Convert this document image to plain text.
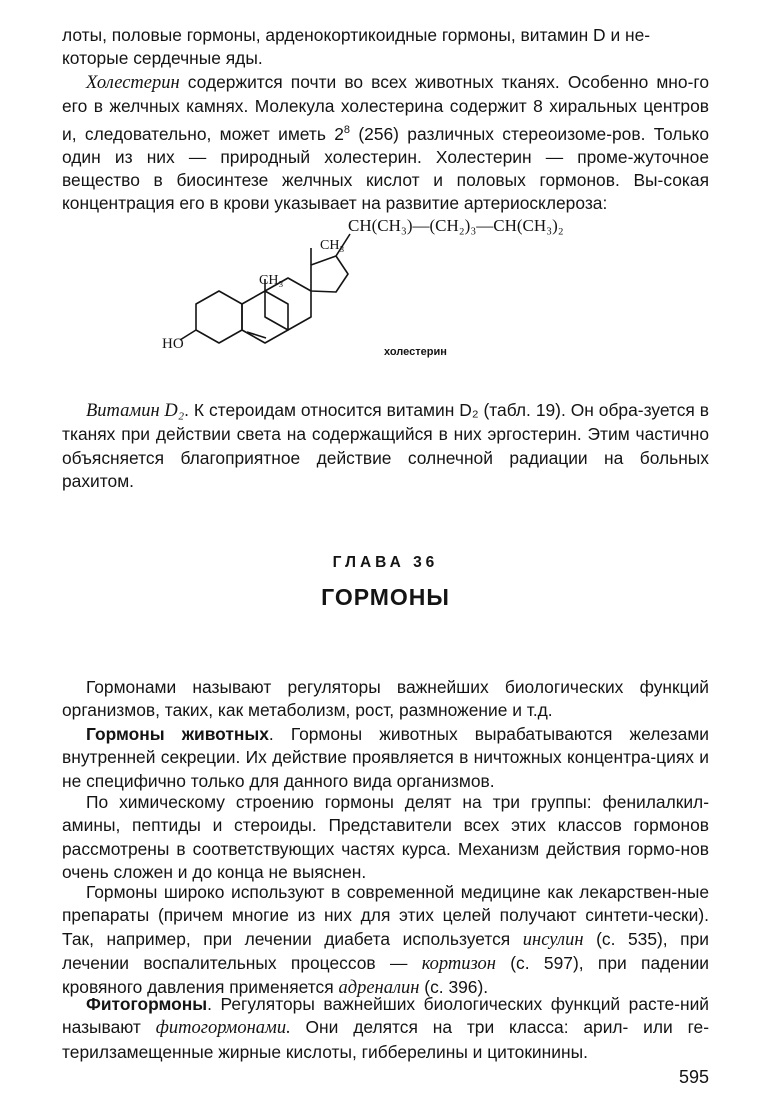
лоты, половые гормоны, арденокортикоидные гормоны, витамин D и не-
которые сердечные яды.

Холестерин содержится почти во всех животных тканях. Особенно мно-го его в желчных камнях. Молекула холестерина содержит 8 хиральных центров и, следовательно, может иметь $2^8$ (256) различных стереоизоме-ров. Только один из них — природный холестерин. Холестерин — проме-жуточное вещество в биосинтезе желчных кислот и половых гормонов. Вы-сокая концентрация его в крови указывает на развитие артериосклероза:

CH(CH₃)—(CH₂)₃—CH(CH₃)₂
CH₃
CH₃
HO	холестерин

Витамин D₂. К стероидам относится витамин D₂ (табл. 19). Он обра-зуется в тканях при действии света на содержащийся в них эргостерин. Этим частично объясняется благоприятное действие солнечной радиации на больных рахитом.

ГЛАВА 36
ГОРМОНЫ

Гормонами называют регуляторы важнейших биологических функций организмов, таких, как метаболизм, рост, размножение и т.д.

Гормоны животных. Гормоны животных вырабатываются железами внутренней секреции. Их действие проявляется в ничтожных концентра-циях и не специфично только для данного вида организмов.

По химическому строению гормоны делят на три группы: фенилалкил-амины, пептиды и стероиды. Представители всех этих классов гормонов рассмотрены в соответствующих частях курса. Механизм действия гормо-нов очень сложен и до конца не выяснен.

Гормоны широко используют в современной медицине как лекарствен-ные препараты (причем многие из них для этих целей получают синтети-чески). Так, например, при лечении диабета используется инсулин (с. 535), при лечении воспалительных процессов — кортизон (с. 597), при падении кровяного давления применяется адреналин (с. 396).

Фитогормоны. Регуляторы важнейших биологических функций расте-ний называют фитогормонами. Они делятся на три класса: арил- или ге-терилзамещенные жирные кислоты, гибберелины и цитокинины.

595
